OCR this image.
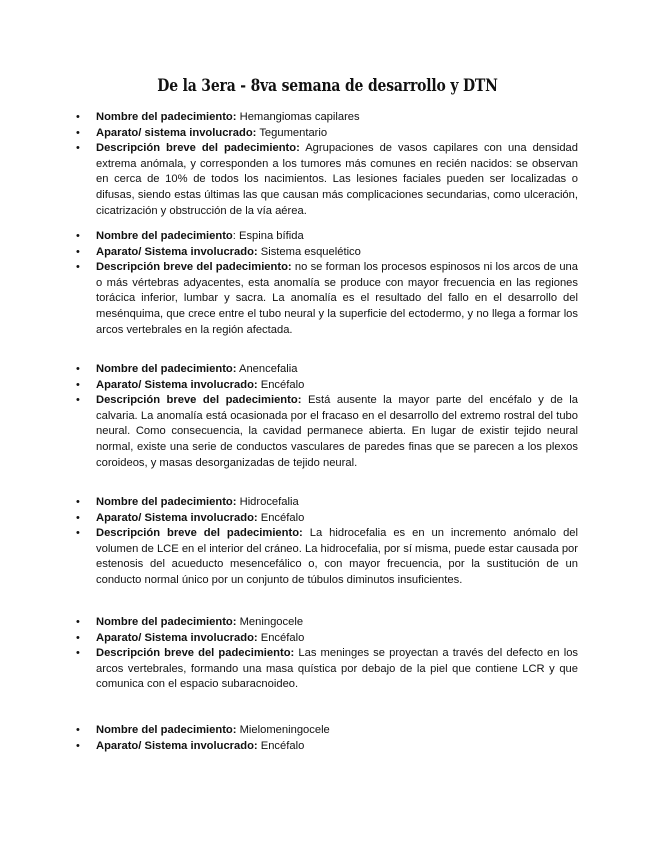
De la 3era - 8va semana de desarrollo y DTN
•	Nombre del padecimiento: Hemangiomas capilares
•	Aparato/ sistema involucrado: Tegumentario
•	Descripción breve del padecimiento: Agrupaciones de vasos capilares con una densidad extrema anómala, y corresponden a los tumores más comunes en recién nacidos: se observan en cerca de 10% de todos los nacimientos. Las lesiones faciales pueden ser localizadas o difusas, siendo estas últimas las que causan más complicaciones secundarias, como ulceración, cicatrización y obstrucción de la vía aérea.
•	Nombre del padecimiento: Espina bífida
•	Aparato/ Sistema involucrado: Sistema esquelético
•	Descripción breve del padecimiento: no se forman los procesos espinosos ni los arcos de una o más vértebras adyacentes, esta anomalía se produce con mayor frecuencia en las regiones torácica inferior, lumbar y sacra. La anomalía es el resultado del fallo en el desarrollo del mesénquima, que crece entre el tubo neural y la superficie del ectodermo, y no llega a formar los arcos vertebrales en la región afectada.
•	Nombre del padecimiento: Anencefalia
•	Aparato/ Sistema involucrado: Encéfalo
•	Descripción breve del padecimiento: Está ausente la mayor parte del encéfalo y de la calvaria. La anomalía está ocasionada por el fracaso en el desarrollo del extremo rostral del tubo neural. Como consecuencia, la cavidad permanece abierta. En lugar de existir tejido neural normal, existe una serie de conductos vasculares de paredes finas que se parecen a los plexos coroideos, y masas desorganizadas de tejido neural.
•	Nombre del padecimiento: Hidrocefalia
•	Aparato/ Sistema involucrado: Encéfalo
•	Descripción breve del padecimiento: La hidrocefalia es en un incremento anómalo del volumen de LCE en el interior del cráneo. La hidrocefalia, por sí misma, puede estar causada por estenosis del acueducto mesencefálico o, con mayor frecuencia, por la sustitución de un conducto normal único por un conjunto de túbulos diminutos insuficientes.
•	Nombre del padecimiento: Meningocele
•	Aparato/ Sistema involucrado: Encéfalo
•	Descripción breve del padecimiento: Las meninges se proyectan a través del defecto en los arcos vertebrales, formando una masa quística por debajo de la piel que contiene LCR y que comunica con el espacio subaracnoideo.
•	Nombre del padecimiento: Mielomeningocele
•	Aparato/ Sistema involucrado: Encéfalo
